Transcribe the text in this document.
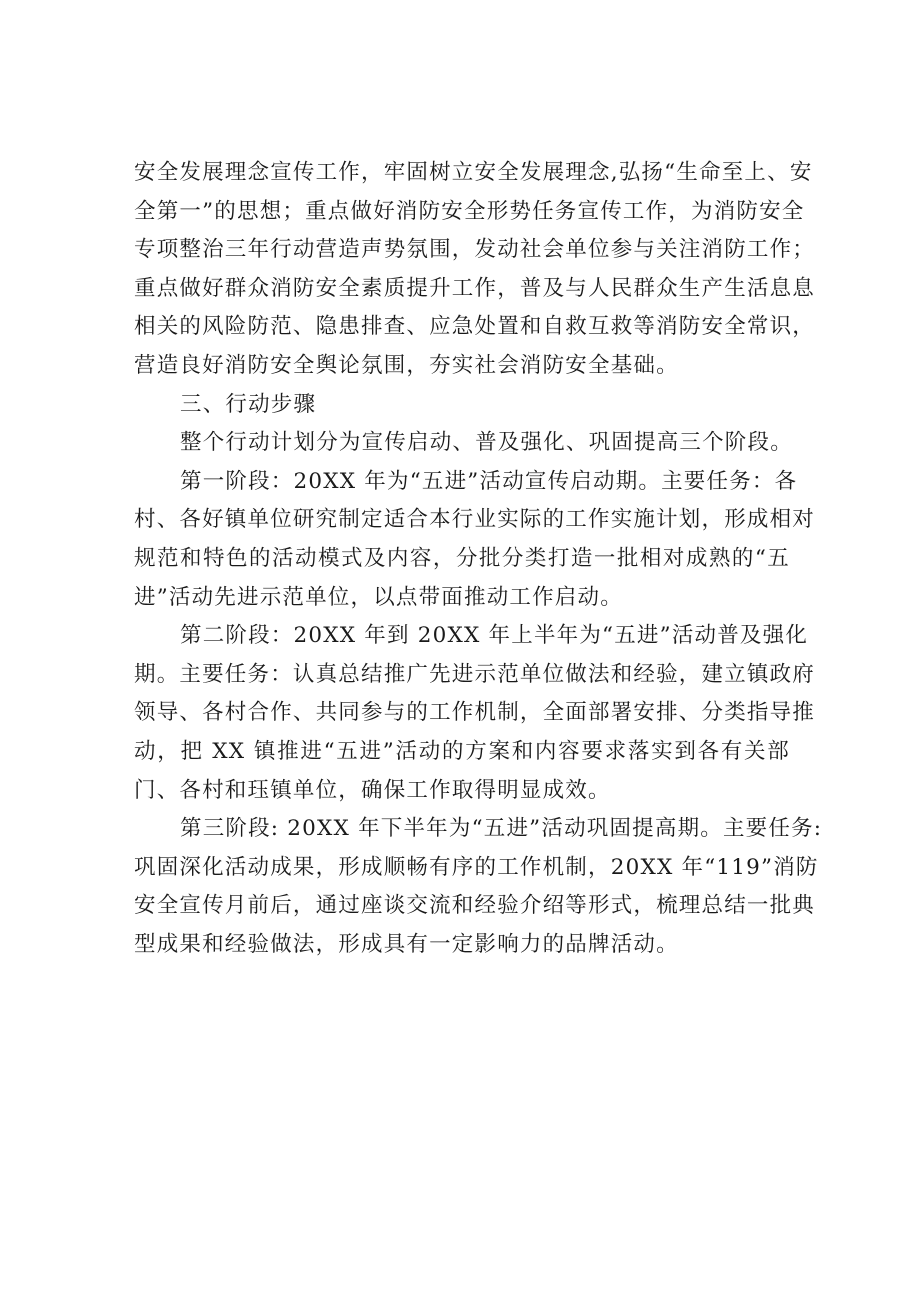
安全发展理念宣传工作，牢固树立安全发展理念,弘扬“生命至上、安
全第一”的思想；重点做好消防安全形势任务宣传工作，为消防安全
专项整治三年行动营造声势氛围，发动社会单位参与关注消防工作；
重点做好群众消防安全素质提升工作，普及与人民群众生产生活息息
相关的风险防范、隐患排查、应急处置和自救互救等消防安全常识，
营造良好消防安全舆论氛围，夯实社会消防安全基础。
三、行动步骤
整个行动计划分为宣传启动、普及强化、巩固提高三个阶段。
第一阶段：20XX 年为“五进”活动宣传启动期。主要任务：各
村、各好镇单位研究制定适合本行业实际的工作实施计划，形成相对
规范和特色的活动模式及内容，分批分类打造一批相对成熟的“五
进”活动先进示范单位，以点带面推动工作启动。
第二阶段：20XX 年到 20XX 年上半年为“五进”活动普及强化
期。主要任务：认真总结推广先进示范单位做法和经验，建立镇政府
领导、各村合作、共同参与的工作机制，全面部署安排、分类指导推
动，把 XX 镇推进“五进”活动的方案和内容要求落实到各有关部
门、各村和珏镇单位，确保工作取得明显成效。
第三阶段: 20XX 年下半年为“五进”活动巩固提高期。主要任务:
巩固深化活动成果，形成顺畅有序的工作机制，20XX 年“119”消防
安全宣传月前后，通过座谈交流和经验介绍等形式，梳理总结一批典
型成果和经验做法，形成具有一定影响力的品牌活动。
